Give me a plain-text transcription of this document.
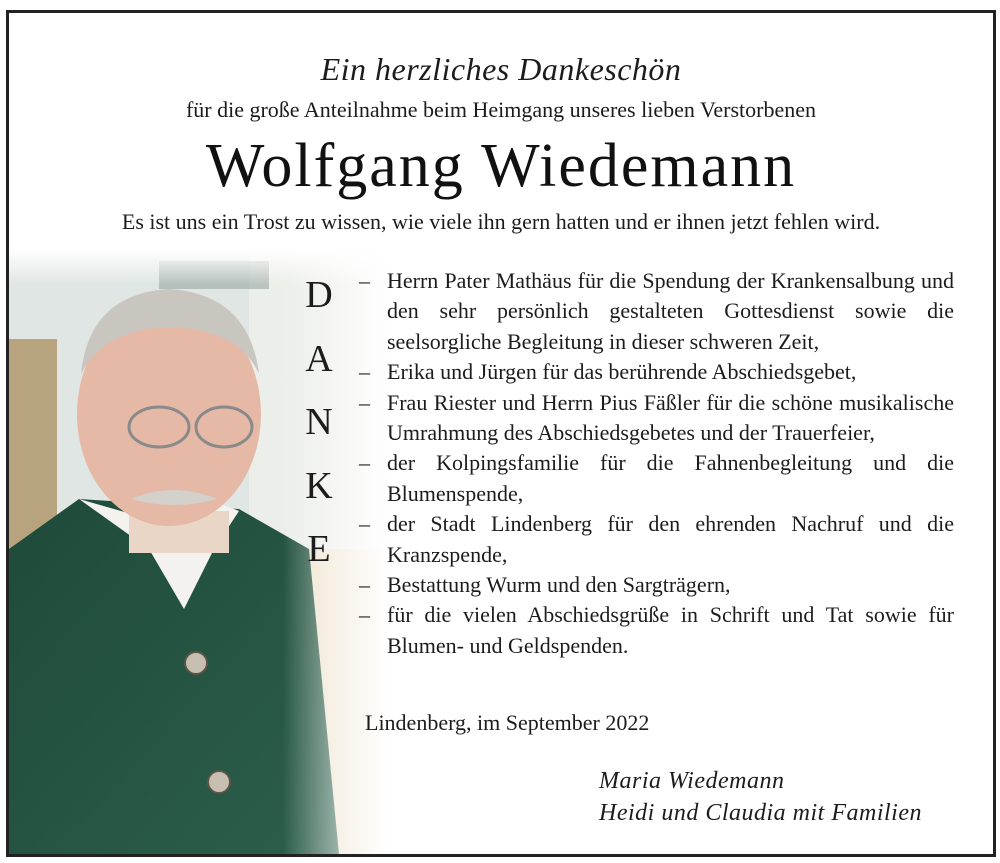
Ein herzliches Dankeschön
für die große Anteilnahme beim Heimgang unseres lieben Verstorbenen
Wolfgang Wiedemann
Es ist uns ein Trost zu wissen, wie viele ihn gern hatten und er ihnen jetzt fehlen wird.
D
A
N
K
E
– Herrn Pater Mathäus für die Spendung der Krankensalbung und den sehr persönlich gestalteten Gottesdienst sowie die seelsorgliche Begleitung in dieser schweren Zeit,
– Erika und Jürgen für das berührende Abschiedsgebet,
– Frau Riester und Herrn Pius Fäßler für die schöne musikalische Umrahmung des Abschiedsgebetes und der Trauerfeier,
– der Kolpingsfamilie für die Fahnenbegleitung und die Blumenspende,
– der Stadt Lindenberg für den ehrenden Nachruf und die Kranzspende,
– Bestattung Wurm und den Sargträgern,
– für die vielen Abschiedsgrüße in Schrift und Tat sowie für Blumen- und Geldspenden.
Lindenberg, im September 2022
Maria Wiedemann
Heidi und Claudia mit Familien
